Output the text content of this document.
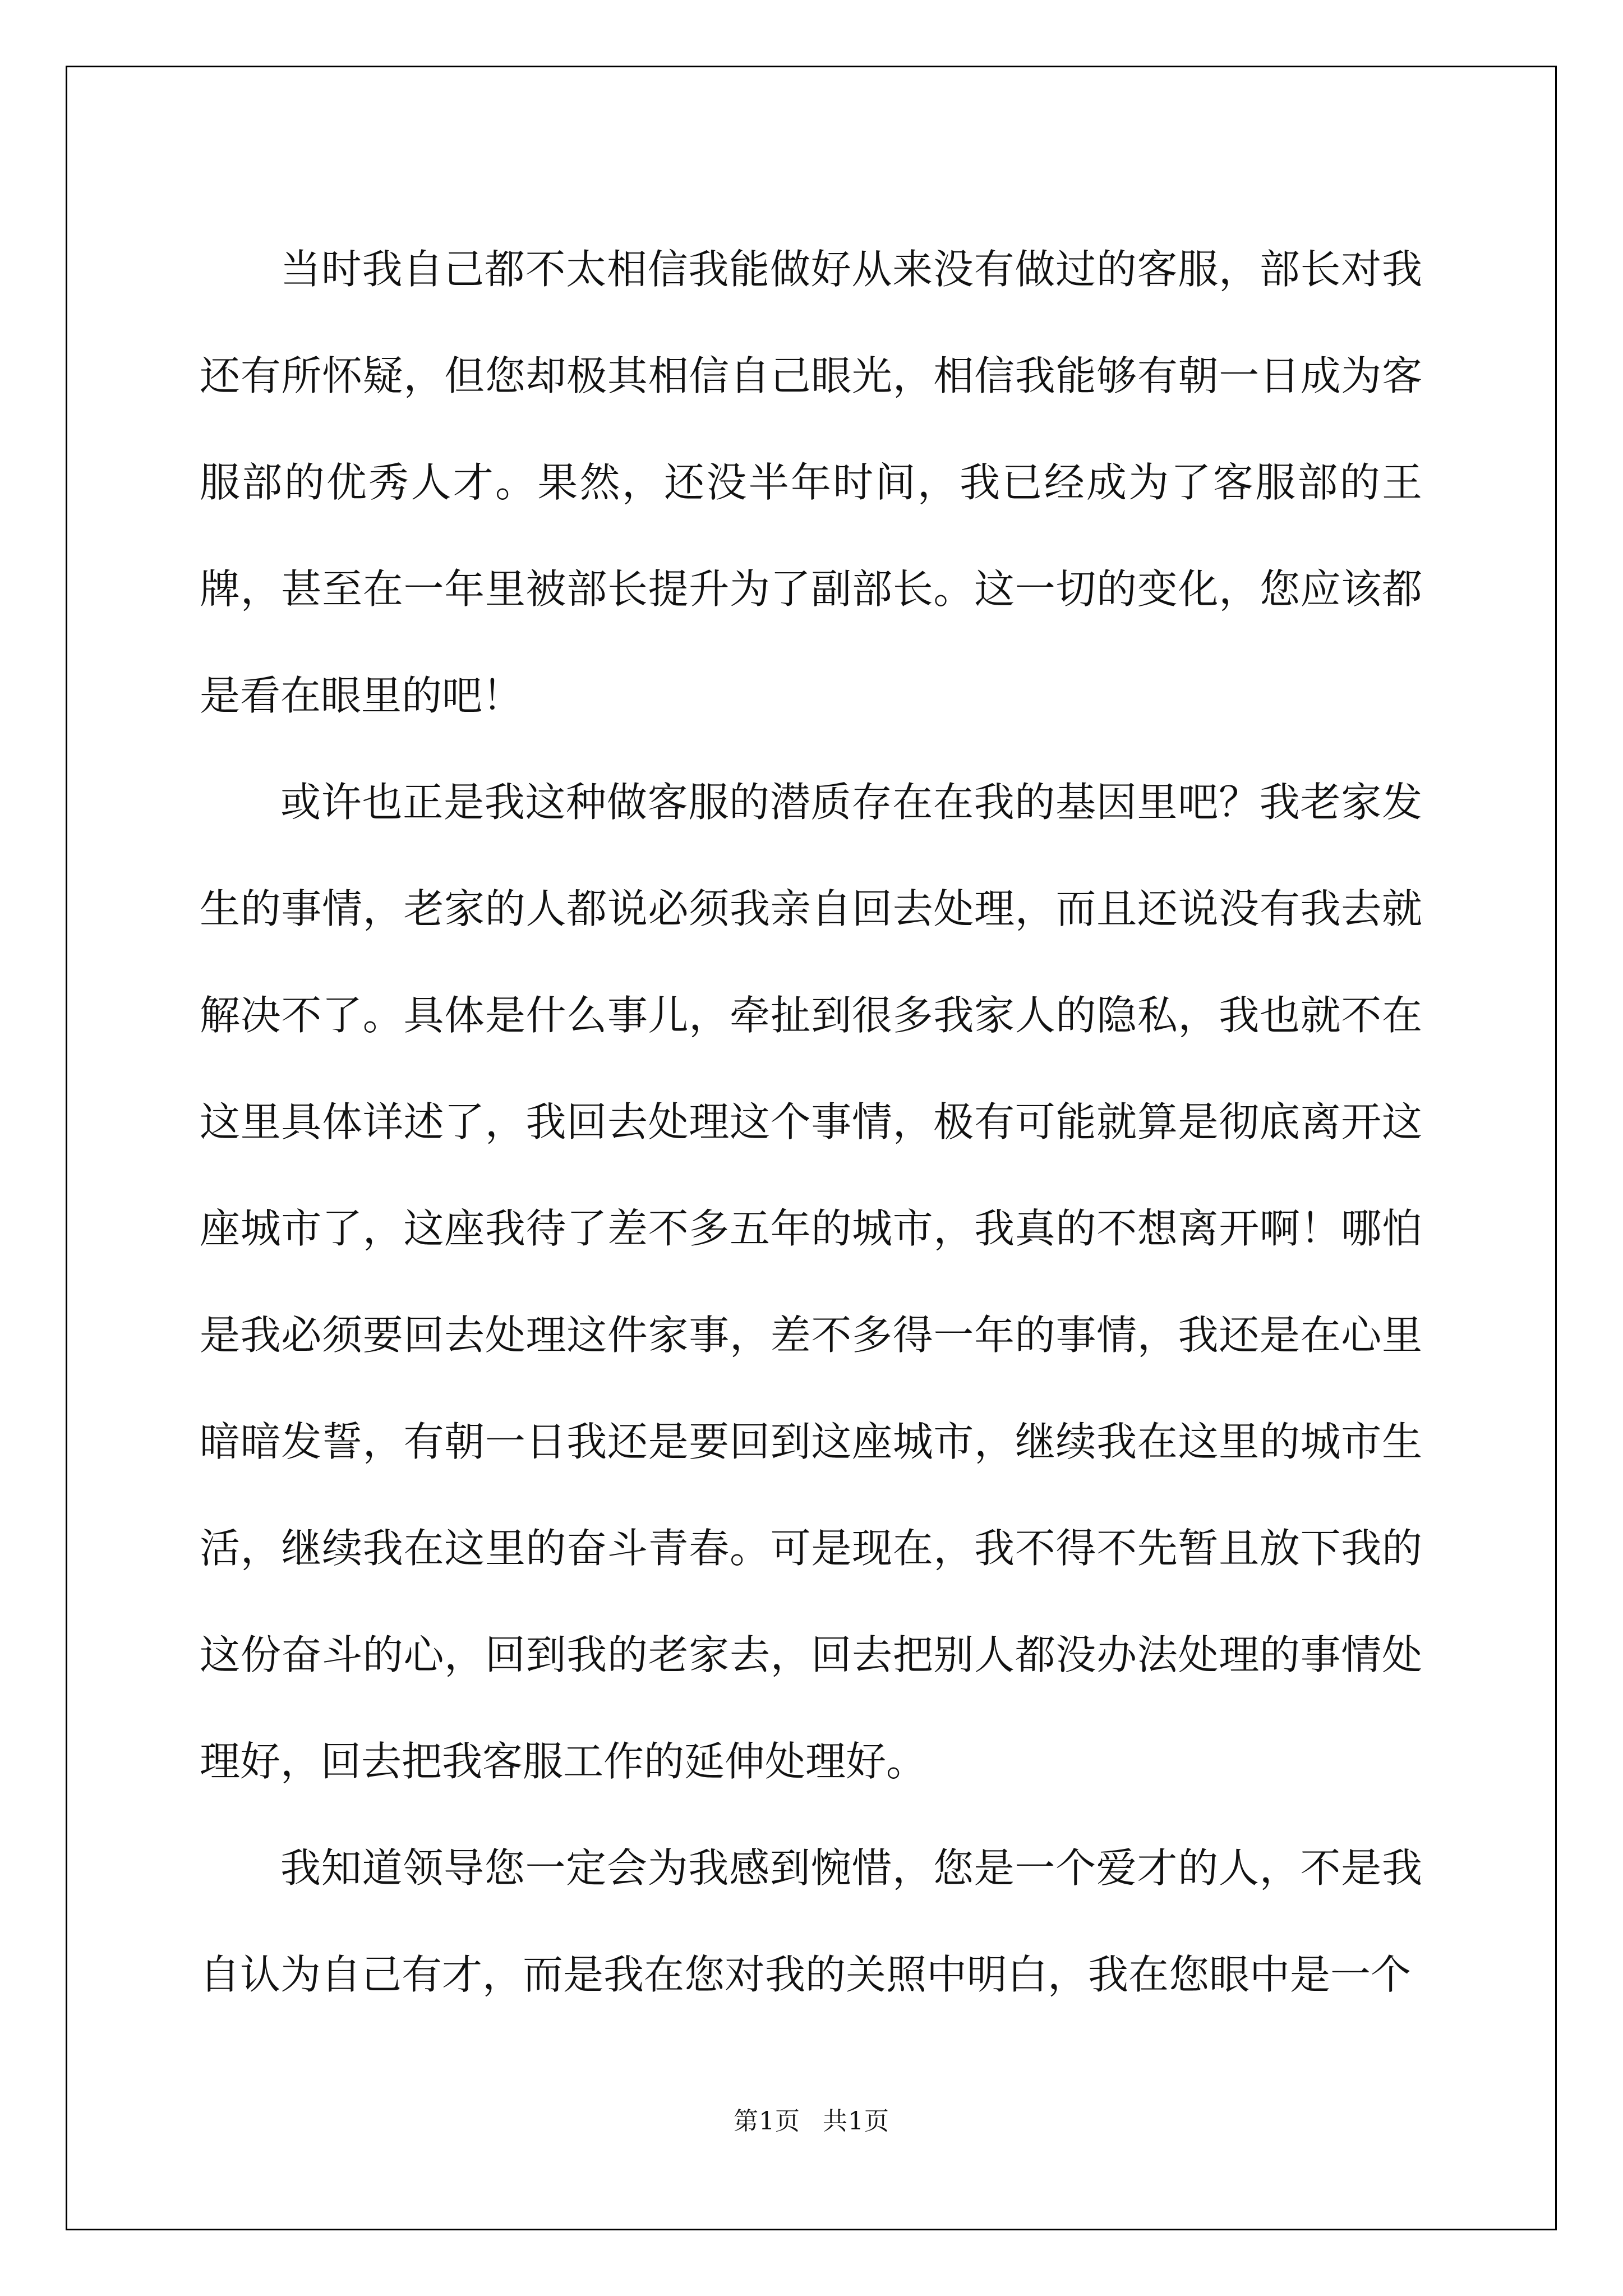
当时我自己都不太相信我能做好从来没有做过的客服，部长对我还有所怀疑，但您却极其相信自己眼光，相信我能够有朝一日成为客服部的优秀人才。果然，还没半年时间，我已经成为了客服部的王牌，甚至在一年里被部长提升为了副部长。这一切的变化，您应该都是看在眼里的吧！

或许也正是我这种做客服的潜质存在在我的基因里吧？我老家发生的事情，老家的人都说必须我亲自回去处理，而且还说没有我去就解决不了。具体是什么事儿，牵扯到很多我家人的隐私，我也就不在这里具体详述了，我回去处理这个事情，极有可能就算是彻底离开这座城市了，这座我待了差不多五年的城市，我真的不想离开啊！哪怕是我必须要回去处理这件家事，差不多得一年的事情，我还是在心里暗暗发誓，有朝一日我还是要回到这座城市，继续我在这里的城市生活，继续我在这里的奋斗青春。可是现在，我不得不先暂且放下我的这份奋斗的心，回到我的老家去，回去把别人都没办法处理的事情处理好，回去把我客服工作的延伸处理好。

我知道领导您一定会为我感到惋惜，您是一个爱才的人，不是我自认为自己有才，而是我在您对我的关照中明白，我在您眼中是一个

第1页 共1页
